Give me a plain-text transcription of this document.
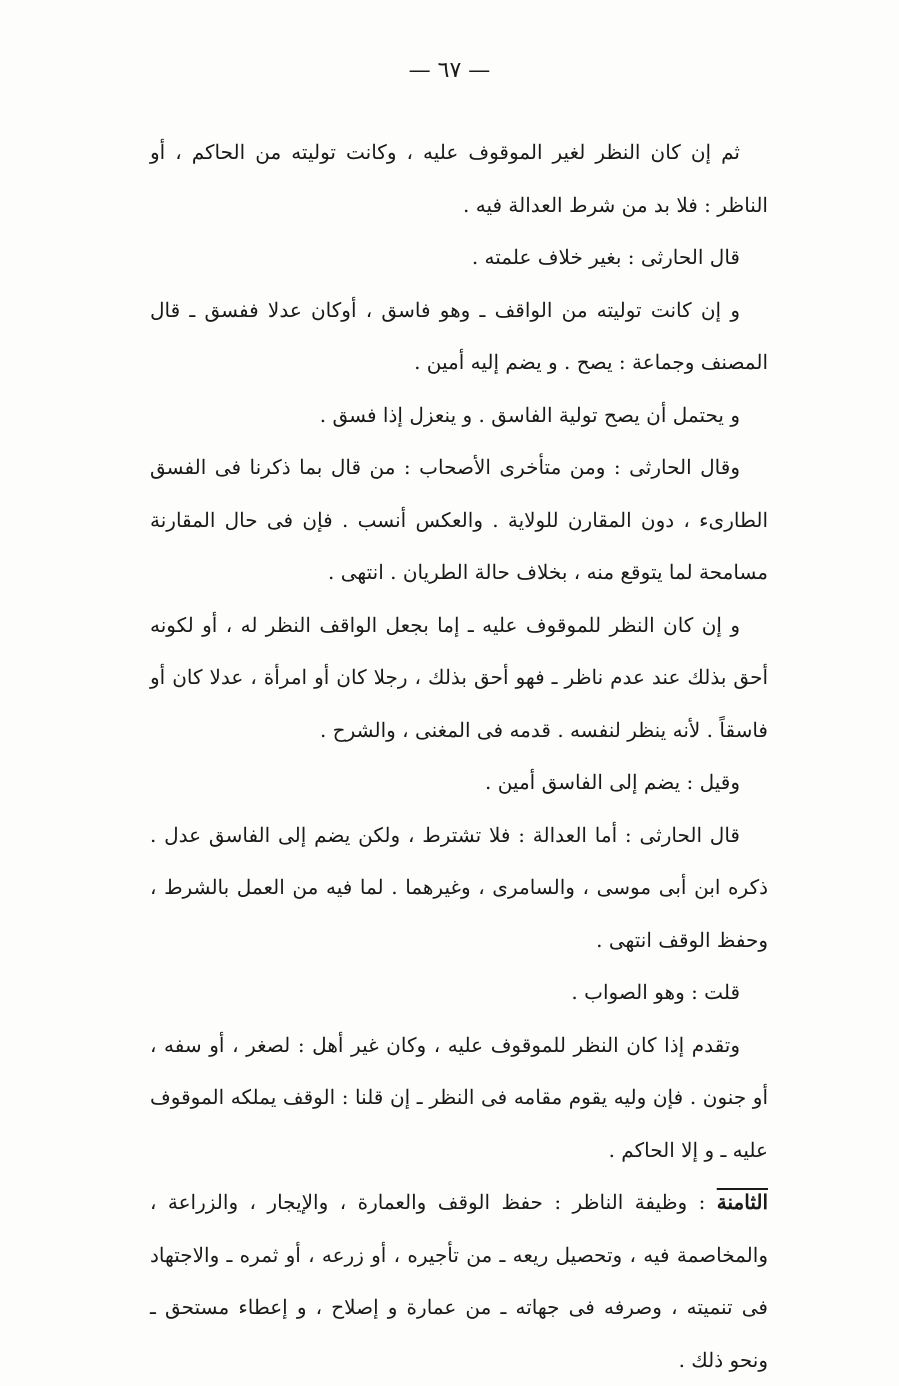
— ٦٧ —

ثم إن كان النظر لغير الموقوف عليه ، وكانت توليته من الحاكم ، أو الناظر : فلا بد من شرط العدالة فيه .

قال الحارثى : بغير خلاف علمته .

و إن كانت توليته من الواقف ـ وهو فاسق ، أوكان عدلا ففسق ـ قال المصنف وجماعة : يصح . و يضم إليه أمين .

و يحتمل أن يصح تولية الفاسق . و ينعزل إذا فسق .

وقال الحارثى : ومن متأخرى الأصحاب : من قال بما ذكرنا فى الفسق الطارىء ، دون المقارن للولاية . والعكس أنسب . فإن فى حال المقارنة مسامحة لما يتوقع منه ، بخلاف حالة الطريان . انتهى .

و إن كان النظر للموقوف عليه ـ إما بجعل الواقف النظر له ، أو لكونه أحق بذلك عند عدم ناظر ـ فهو أحق بذلك ، رجلا كان أو امرأة ، عدلا كان أو فاسقاً . لأنه ينظر لنفسه . قدمه فى المغنى ، والشرح .

وقيل : يضم إلى الفاسق أمين .

قال الحارثى : أما العدالة : فلا تشترط ، ولكن يضم إلى الفاسق عدل . ذكره ابن أبى موسى ، والسامرى ، وغيرهما . لما فيه من العمل بالشرط ، وحفظ الوقف انتهى .

قلت : وهو الصواب .

وتقدم إذا كان النظر للموقوف عليه ، وكان غير أهل : لصغر ، أو سفه ، أو جنون . فإن وليه يقوم مقامه فى النظر ـ إن قلنا : الوقف يملكه الموقوف عليه ـ و إلا الحاكم .

الثامنة : وظيفة الناظر : حفظ الوقف والعمارة ، والإيجار ، والزراعة ، والمخاصمة فيه ، وتحصيل ريعه ـ من تأجيره ، أو زرعه ، أو ثمره ـ والاجتهاد فى تنميته ، وصرفه فى جهاته ـ من عمارة و إصلاح ، و إعطاء مستحق ـ ونحو ذلك .
